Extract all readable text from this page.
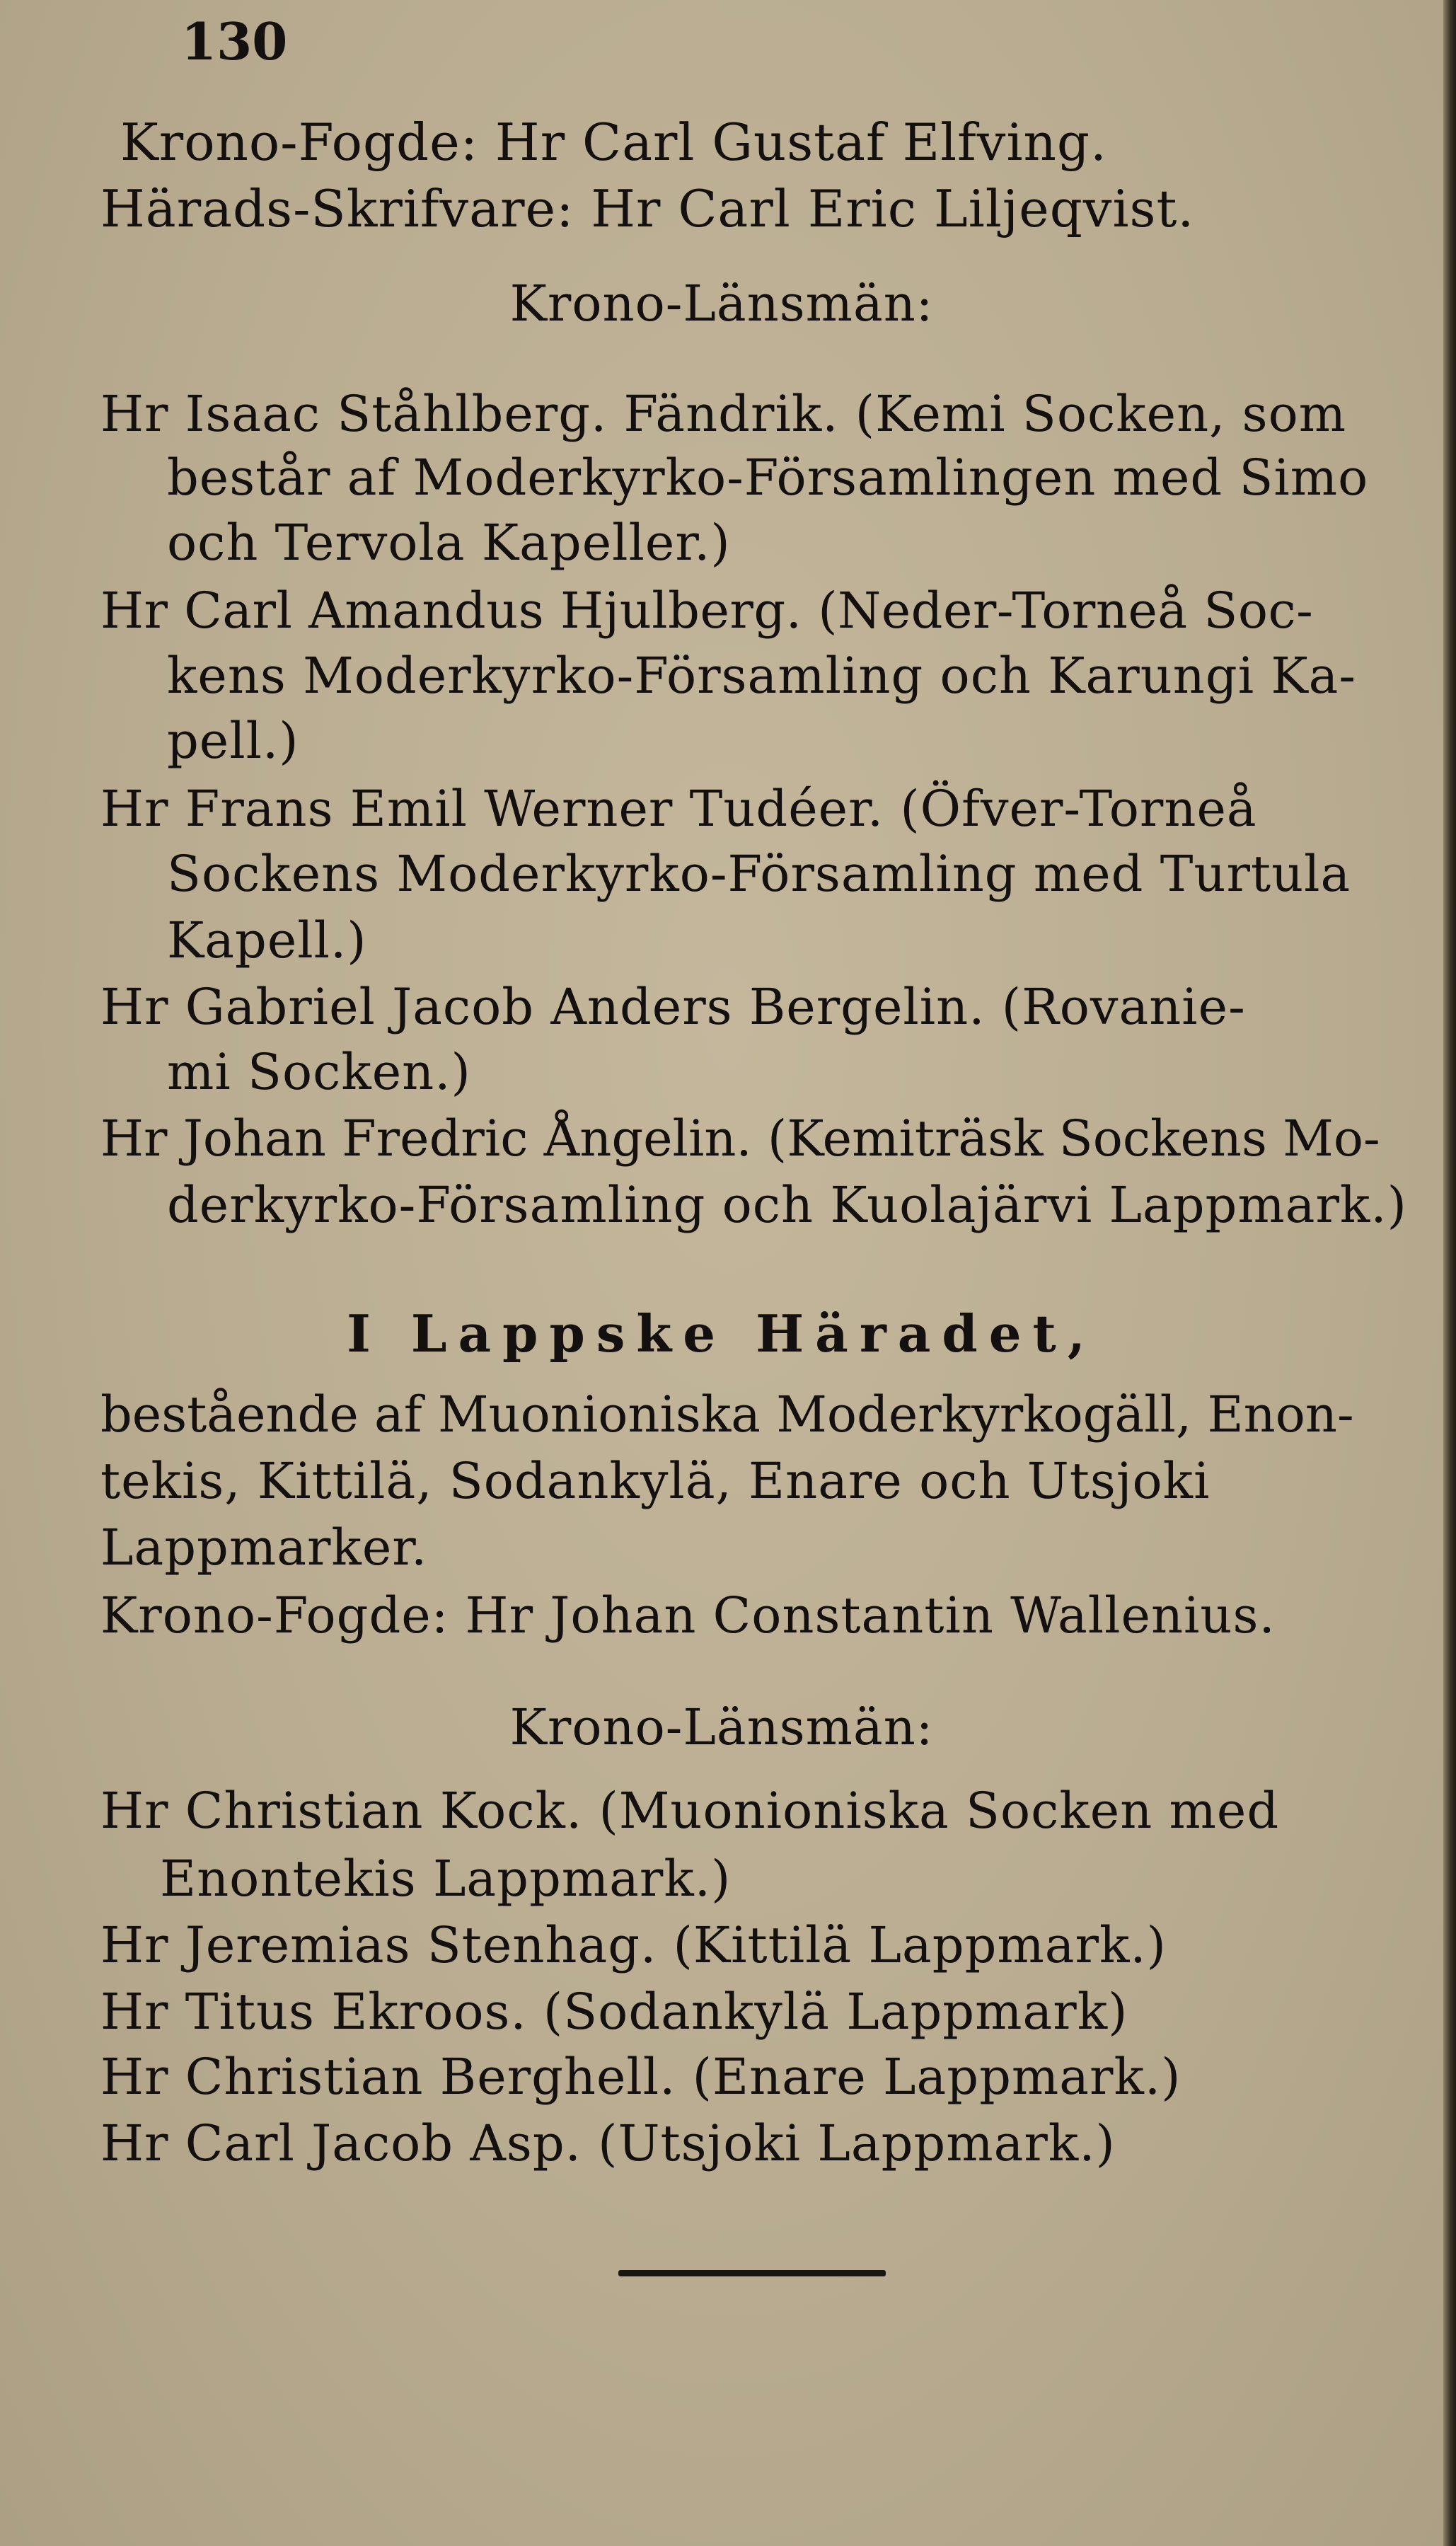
130
Krono-Fogde: Hr Carl Gustaf Elfving.
Härads-Skrifvare: Hr Carl Eric Liljeqvist.
Krono-Länsmän:
Hr Isaac Ståhlberg. Fändrik. (Kemi Socken, som
består af Moderkyrko-Församlingen med Simo
och Tervola Kapeller.)
Hr Carl Amandus Hjulberg. (Neder-Torneå Soc-
kens Moderkyrko-Församling och Karungi Ka-
pell.)
Hr Frans Emil Werner Tudéer. (Öfver-Torneå
Sockens Moderkyrko-Församling med Turtula
Kapell.)
Hr Gabriel Jacob Anders Bergelin. (Rovanie-
mi Socken.)
Hr Johan Fredric Ångelin. (Kemiträsk Sockens Mo-
derkyrko-Församling och Kuolajärvi Lappmark.)
I Lappske Häradet,
bestående af Muonioniska Moderkyrkogäll, Enon-
tekis, Kittilä, Sodankylä, Enare och Utsjoki
Lappmarker.
Krono-Fogde: Hr Johan Constantin Wallenius.
Krono-Länsmän:
Hr Christian Kock. (Muonioniska Socken med
Enontekis Lappmark.)
Hr Jeremias Stenhag. (Kittilä Lappmark.)
Hr Titus Ekroos. (Sodankylä Lappmark)
Hr Christian Berghell. (Enare Lappmark.)
Hr Carl Jacob Asp. (Utsjoki Lappmark.)
